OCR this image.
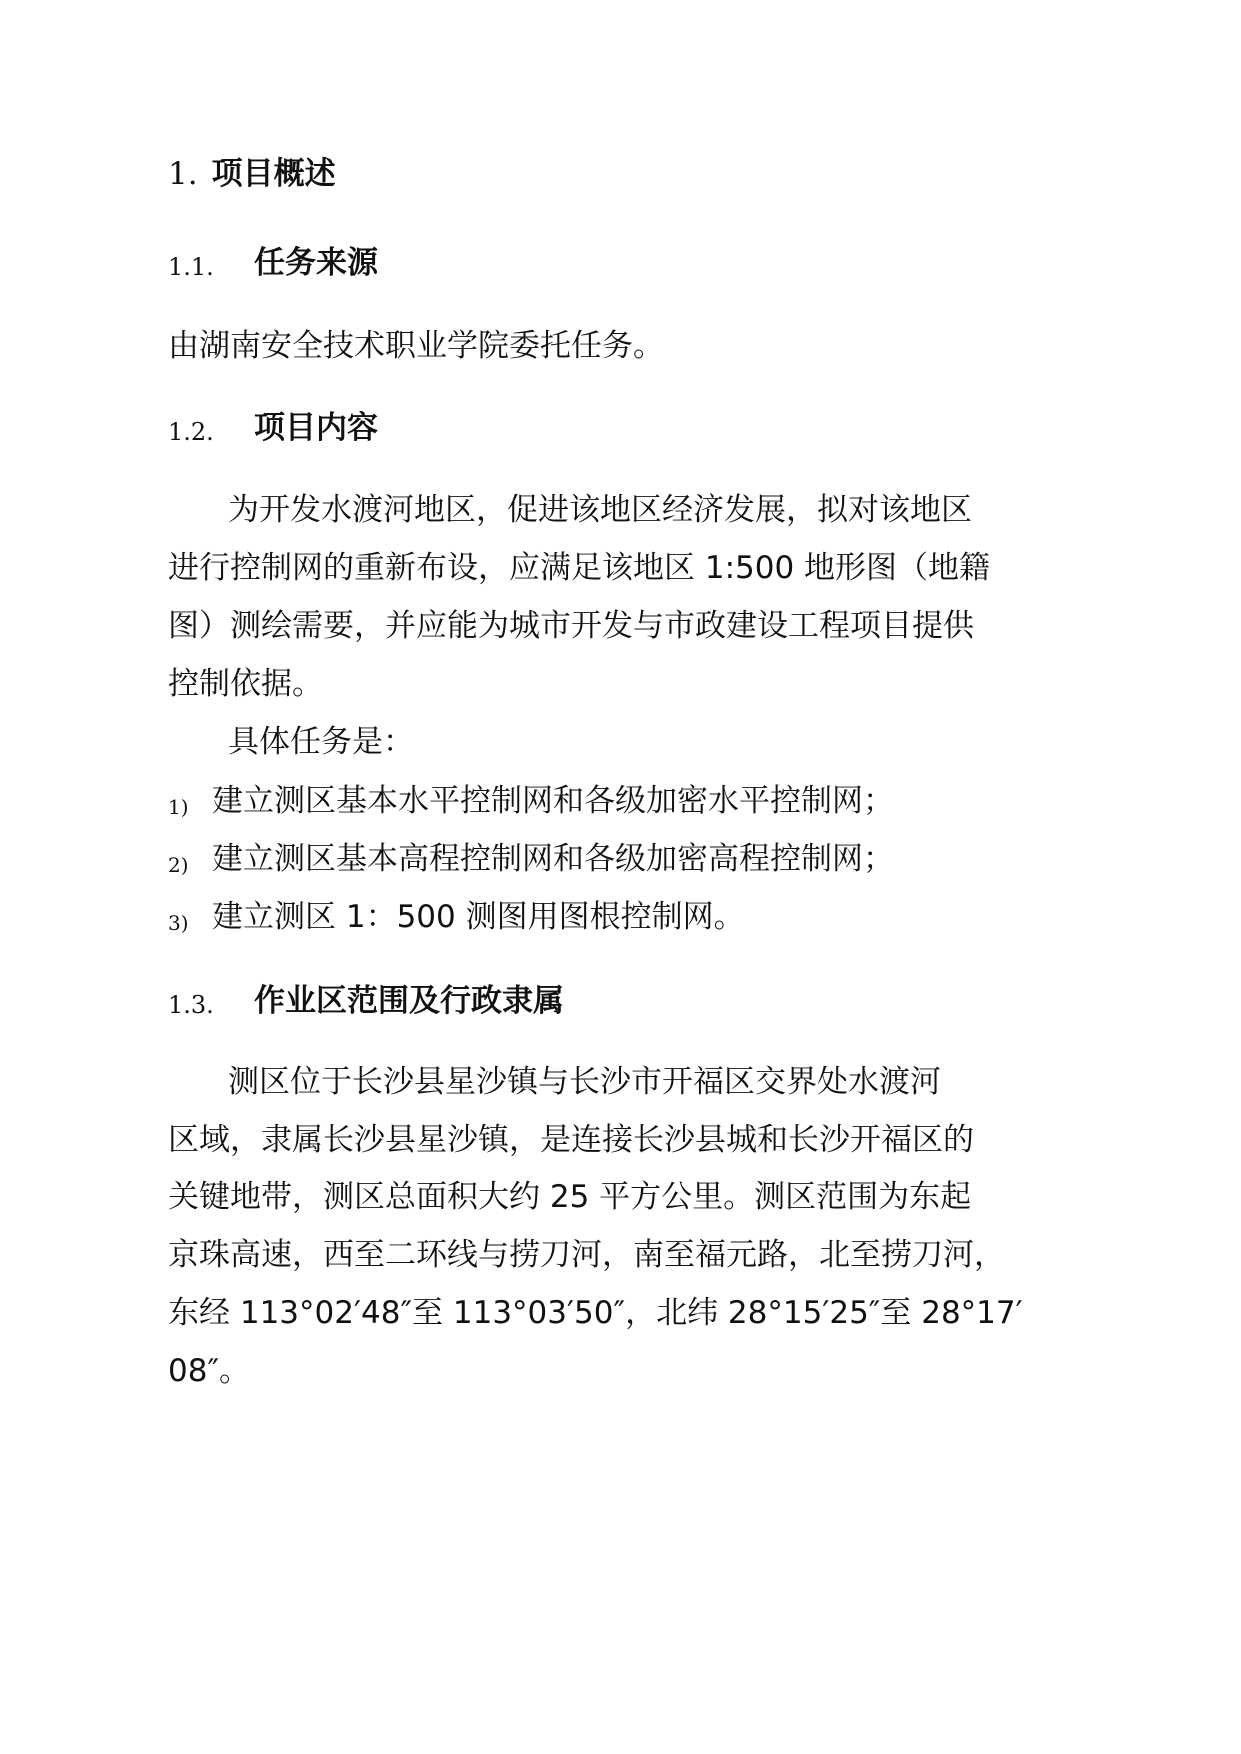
1. 项目概述
1.1. 任务来源
由湖南安全技术职业学院委托任务。
1.2. 项目内容
为开发水渡河地区，促进该地区经济发展，拟对该地区
进行控制网的重新布设，应满足该地区 1:500 地形图（地籍
图）测绘需要，并应能为城市开发与市政建设工程项目提供
控制依据。
具体任务是：
1) 建立测区基本水平控制网和各级加密水平控制网；
2) 建立测区基本高程控制网和各级加密高程控制网；
3) 建立测区 1：500 测图用图根控制网。
1.3. 作业区范围及行政隶属
测区位于长沙县星沙镇与长沙市开福区交界处水渡河
区域，隶属长沙县星沙镇，是连接长沙县城和长沙开福区的
关键地带，测区总面积大约 25 平方公里。测区范围为东起
京珠高速，西至二环线与捞刀河，南至福元路，北至捞刀河，
东经 113°02′48″至 113°03′50″，北纬 28°15′25″至 28°17′
08″。
